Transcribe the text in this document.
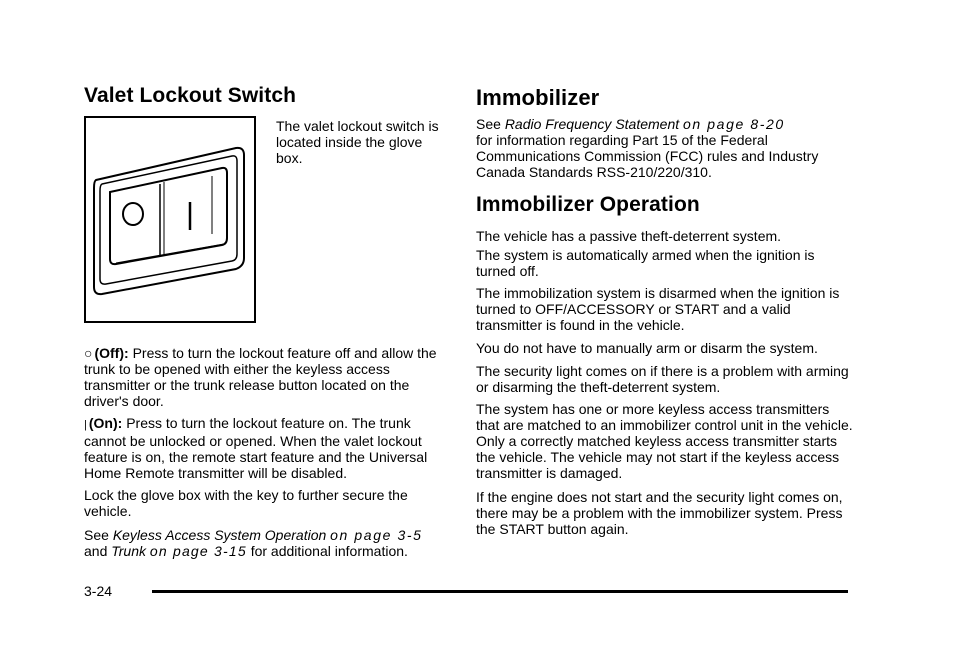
Valet Lockout Switch

The valet lockout switch is located inside the glove box.

○ (Off): Press to turn the lockout feature off and allow the trunk to be opened with either the keyless access transmitter or the trunk release button located on the driver's door.

| (On): Press to turn the lockout feature on. The trunk cannot be unlocked or opened. When the valet lockout feature is on, the remote start feature and the Universal Home Remote transmitter will be disabled.

Lock the glove box with the key to further secure the vehicle.

See Keyless Access System Operation on page 3-5
and Trunk on page 3-15 for additional information.

Immobilizer

See Radio Frequency Statement on page 8-20
for information regarding Part 15 of the Federal Communications Commission (FCC) rules and Industry Canada Standards RSS-210/220/310.

Immobilizer Operation

The vehicle has a passive theft-deterrent system.

The system is automatically armed when the ignition is turned off.

The immobilization system is disarmed when the ignition is turned to OFF/ACCESSORY or START and a valid transmitter is found in the vehicle.

You do not have to manually arm or disarm the system.

The security light comes on if there is a problem with arming or disarming the theft-deterrent system.

The system has one or more keyless access transmitters that are matched to an immobilizer control unit in the vehicle. Only a correctly matched keyless access transmitter starts the vehicle. The vehicle may not start if the keyless access transmitter is damaged.

If the engine does not start and the security light comes on, there may be a problem with the immobilizer system. Press the START button again.

3-24
